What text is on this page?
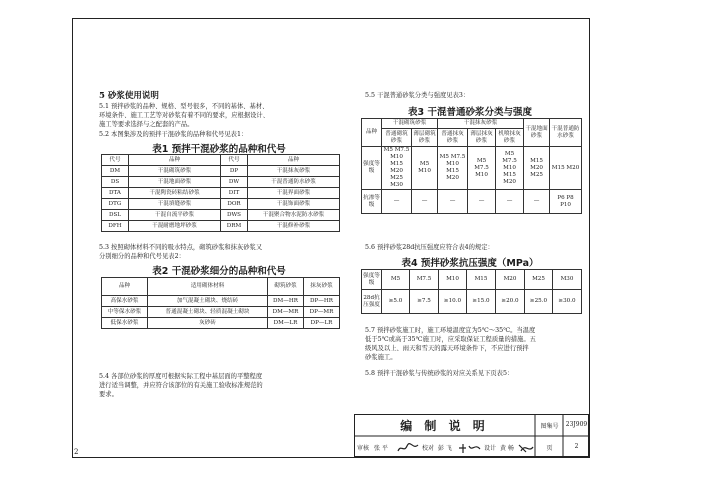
5 砂浆使用说明
5.1 预拌砂浆的品种、规格、型号很多，不同的基体、基材、
环境条件、施工工艺等对砂浆有着不同的要求，应根据设计、
施工等要求选择与之配套的产品。
5.2 本图集涉及的预拌干混砂浆的品种和代号见表1：
表1 预拌干混砂浆的品种和代号
代号	品种	代号	品种
DM	干混砌筑砂浆	DP	干混抹灰砂浆
DS	干混地面砂浆	DW	干混普通防水砂浆
DTA	干混陶瓷砖粘结砂浆	DIT	干混界面砂浆
DTG	干混填缝砂浆	DOR	干混饰面砂浆
DSL	干混自流平砂浆	DWS	干混聚合物水泥防水砂浆
DFH	干混耐磨地坪砂浆	DRM	干混修补砂浆
5.3 按照砌体材料不同的吸水特点，砌筑砂浆和抹灰砂浆又
分别细分的品种和代号见表2：
表2 干混砂浆细分的品种和代号
品种	适用砌体材料	砌筑砂浆	抹灰砂浆
高保水砂浆	加气混凝土砌块、烧结砖	DM—HR	DP—HR
中等保水砂浆	普通混凝土砌块、轻质混凝土砌块	DM—MR	DP—MR
低保水砂浆	灰砂砖	DM—LR	DP—LR
5.4 各部位砂浆的厚度可根据实际工程中基层面的平整程度
进行适当调整，并应符合该部位的有关施工验收标准规范的
要求。
5.5 干混普通砂浆分类与强度见表3：
表3 干混普通砂浆分类与强度
品种	干混砌筑砂浆		干混抹灰砂浆			干混地面砂浆	干混普通防水砂浆
	普通砌筑砂浆	薄层砌筑砂浆	普通抹灰砂浆	薄层抹灰砂浆	机喷抹灰砂浆		
强度等级	M5 M7.5 M10 M15 M20 M25 M30	M5 M10	M5 M7.5 M10 M15 M20	M5 M7.5 M10	M5 M7.5 M10 M15 M20	M15 M20 M25	M15 M20
抗渗等级	—	—	—	—	—	—	P6 P8 P10
5.6 预拌砂浆28d抗压强度应符合表4的规定：
表4 预拌砂浆抗压强度（MPa）
强度等级	M5	M7.5	M10	M15	M20	M25	M30
28d抗压强度	≥5.0	≥7.5	≥10.0	≥15.0	≥20.0	≥25.0	≥30.0
5.7 预拌砂浆施工时，施工环境温度宜为5℃～35℃。当温度
低于5℃或高于35℃施工时，应采取保证工程质量的措施。五
级风及以上、雨天和雪天的露天环境条件下，不应进行预拌
砂浆施工。
5.8 预拌干混砂浆与传统砂浆的对应关系见下页表5：
编 制 说 明	图集号	23J909
审核 张 平	校对 彭 飞	设计 黄 畅	页	2
2
